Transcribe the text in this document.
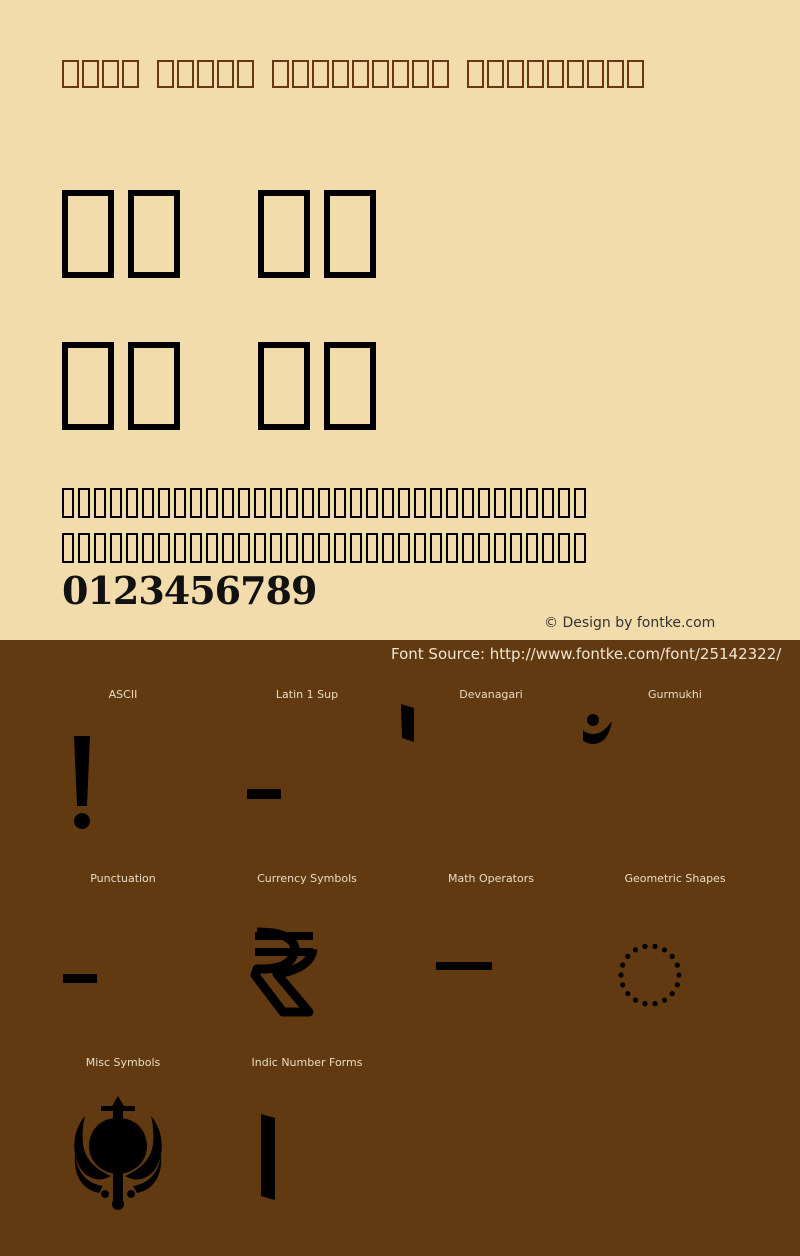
0123456789
© Design by fontke.com
Font Source: http://www.fontke.com/font/25142322/
ASCII	Latin 1 Sup	Devanagari	Gurmukhi
Punctuation	Currency Symbols	Math Operators	Geometric Shapes
Misc Symbols	Indic Number Forms
